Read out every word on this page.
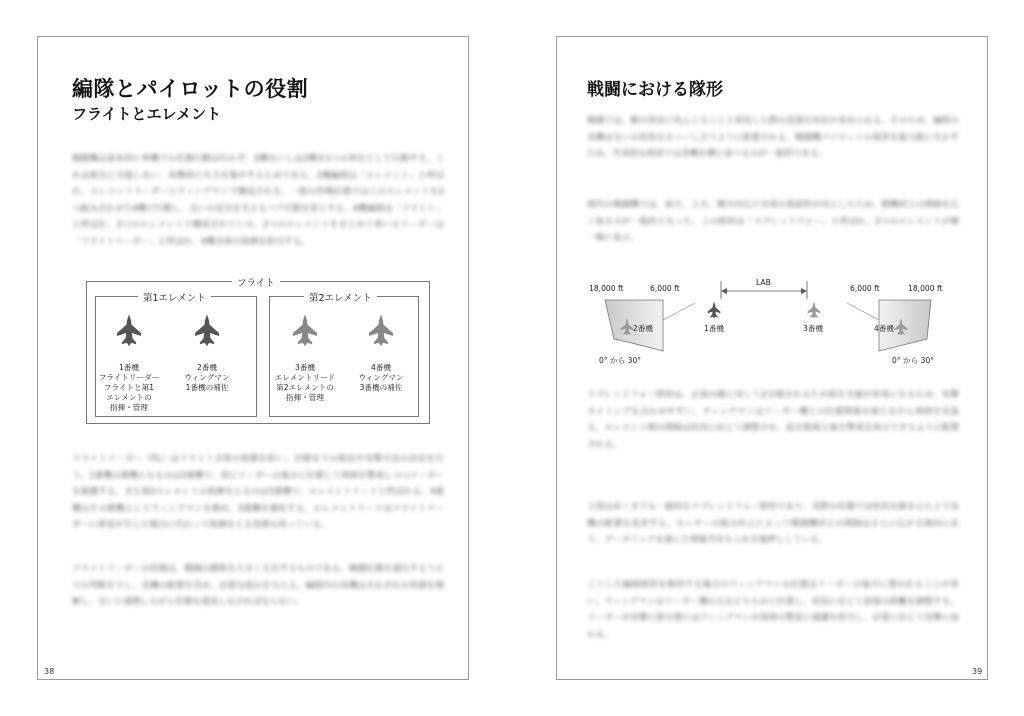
編隊とパイロットの役割
フライトとエレメント
戦闘機は基本的に単機での任務行動は行わず、2機ないしは2機を1つの単位として行動する。これは相互に支援しあい、攻撃時に火力を集中するためである。2機編隊は「エレメント」と呼ばれ、エレメントリーダーとウィングマンで構成される。一般の作戦任務ではこのエレメントを2つ組み合わせた4機で行動し、互いの安全を支えるペア行動を常とする。4機編隊は「フライト」と呼ばれ、2つのエレメントで構成されている。2つのエレメントをまとめて率いるリーダーは「フライトリーダー」と呼ばれ、4機全体の指揮を担当する。
フライト
第1エレメント
1番機
フライトリーダー
フライトと第1
エレメントの
指揮・管理
2番機
ウィングマン
1番機の補佐
第2エレメント
3番機
エレメントリード
第2エレメントの
指揮・管理
4番機
ウィングマン
3番機の補佐
フライトリーダー（FL）はフライト全体の指揮を担い、目標までの航法や攻撃方法の決定を行う。1番機の僚機となるのは2番機で、常にリーダーの後方に位置して周囲を警戒しつつリーダーを援護する。また第2エレメントの指揮をとるのは3番機で、エレメントリードと呼ばれる。4番機はその僚機としてウィングマンを務め、3番機を補佐する。エレメントリードはフライトリーダーに異変が生じた場合に代わって指揮をとる役割も持っている。
フライトリーダーの役割は、戦闘の勝敗を大きく左右するものである。戦闘任務を遂行するうえでの判断を下し、各機の配置を決め、必要な指示を与える。編隊内の各機はそれぞれの役割を理解し、互いに連携しながら任務を達成しなければならない。
38
戦闘における隊形
戦闘では、敵の発見に先んじることと発見した際の迅速な対応が求められる。そのため、編隊の各機は互いの死角をカバーし合うように配置される。戦闘機パイロットの視界を最大限に生かすため、代表的な隊形では各機を横に並べるのが一般的である。
現代の戦闘機では、前方、上方、横方向など全周の視認性が向上したため、僚機同士の間隔を広く取るのが一般的となった。この隊形は「スプレッドフォー」と呼ばれ、2つのエレメントが横一線に並ぶ。
18,000 ft	6,000 ft
LAB
6,000 ft	18,000 ft
2番機	1番機	3番機	4番機
0° から 30°	0° から 30°
スプレッドフォー隊形は、正面の敵に対して2分割されるため相互支援が容易になるため、攻撃タイミングを合わせやすい。ウィングマンはリーダー機との位置関係を保ちながら周囲を見張る。エレメント間の間隔は状況に応じて調整され、前方監視と後方警戒を両立できるように配置される。
上図はあくまでも一般的なスプレッドフォー隊形であり、実際の任務では状況を踏まえた上で各機の配置を変更する。センサーの能力向上によって戦闘機同士の間隔はさらに広がる傾向にあり、データリンクを通じた情報共有もこれを後押ししている。
こうした編隊隊形を維持する場合のウィングマンの位置はリーダーの後方に置かれることが多い。ウィングマンはリーダー機の左右どちらかに位置し、状況に応じて前後の距離を調整する。リーダーが攻撃に移る際にはウィングマンが周囲の警戒と援護を担当し、必要に応じて攻撃に加わる。
39
